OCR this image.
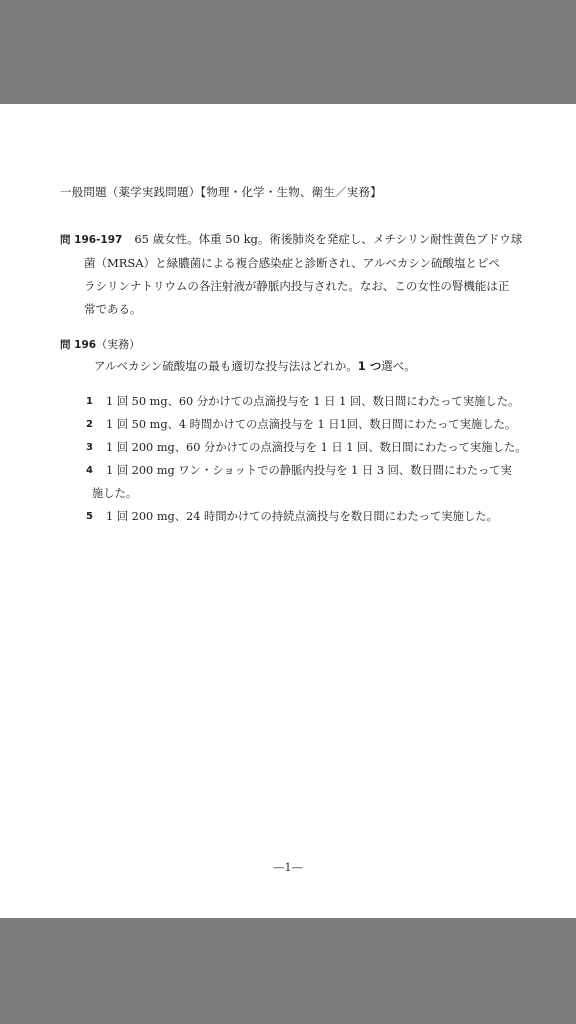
一般問題（薬学実践問題）【物理・化学・生物、衛生／実務】
問 196-197 65 歳女性。体重 50 kg。術後肺炎を発症し、メチシリン耐性黄色ブドウ球
菌（MRSA）と緑膿菌による複合感染症と診断され、アルベカシン硫酸塩とピペ
ラシリンナトリウムの各注射液が静脈内投与された。なお、この女性の腎機能は正
常である。
問 196（実務）
アルベカシン硫酸塩の最も適切な投与法はどれか。1 つ選べ。
1 1 回 50 mg、60 分かけての点滴投与を 1 日 1 回、数日間にわたって実施した。
2 1 回 50 mg、4 時間かけての点滴投与を 1 日1回、数日間にわたって実施した。
3 1 回 200 mg、60 分かけての点滴投与を 1 日 1 回、数日間にわたって実施した。
4 1 回 200 mg ワン・ショットでの静脈内投与を 1 日 3 回、数日間にわたって実
施した。
5 1 回 200 mg、24 時間かけての持続点滴投与を数日間にわたって実施した。
—1—
